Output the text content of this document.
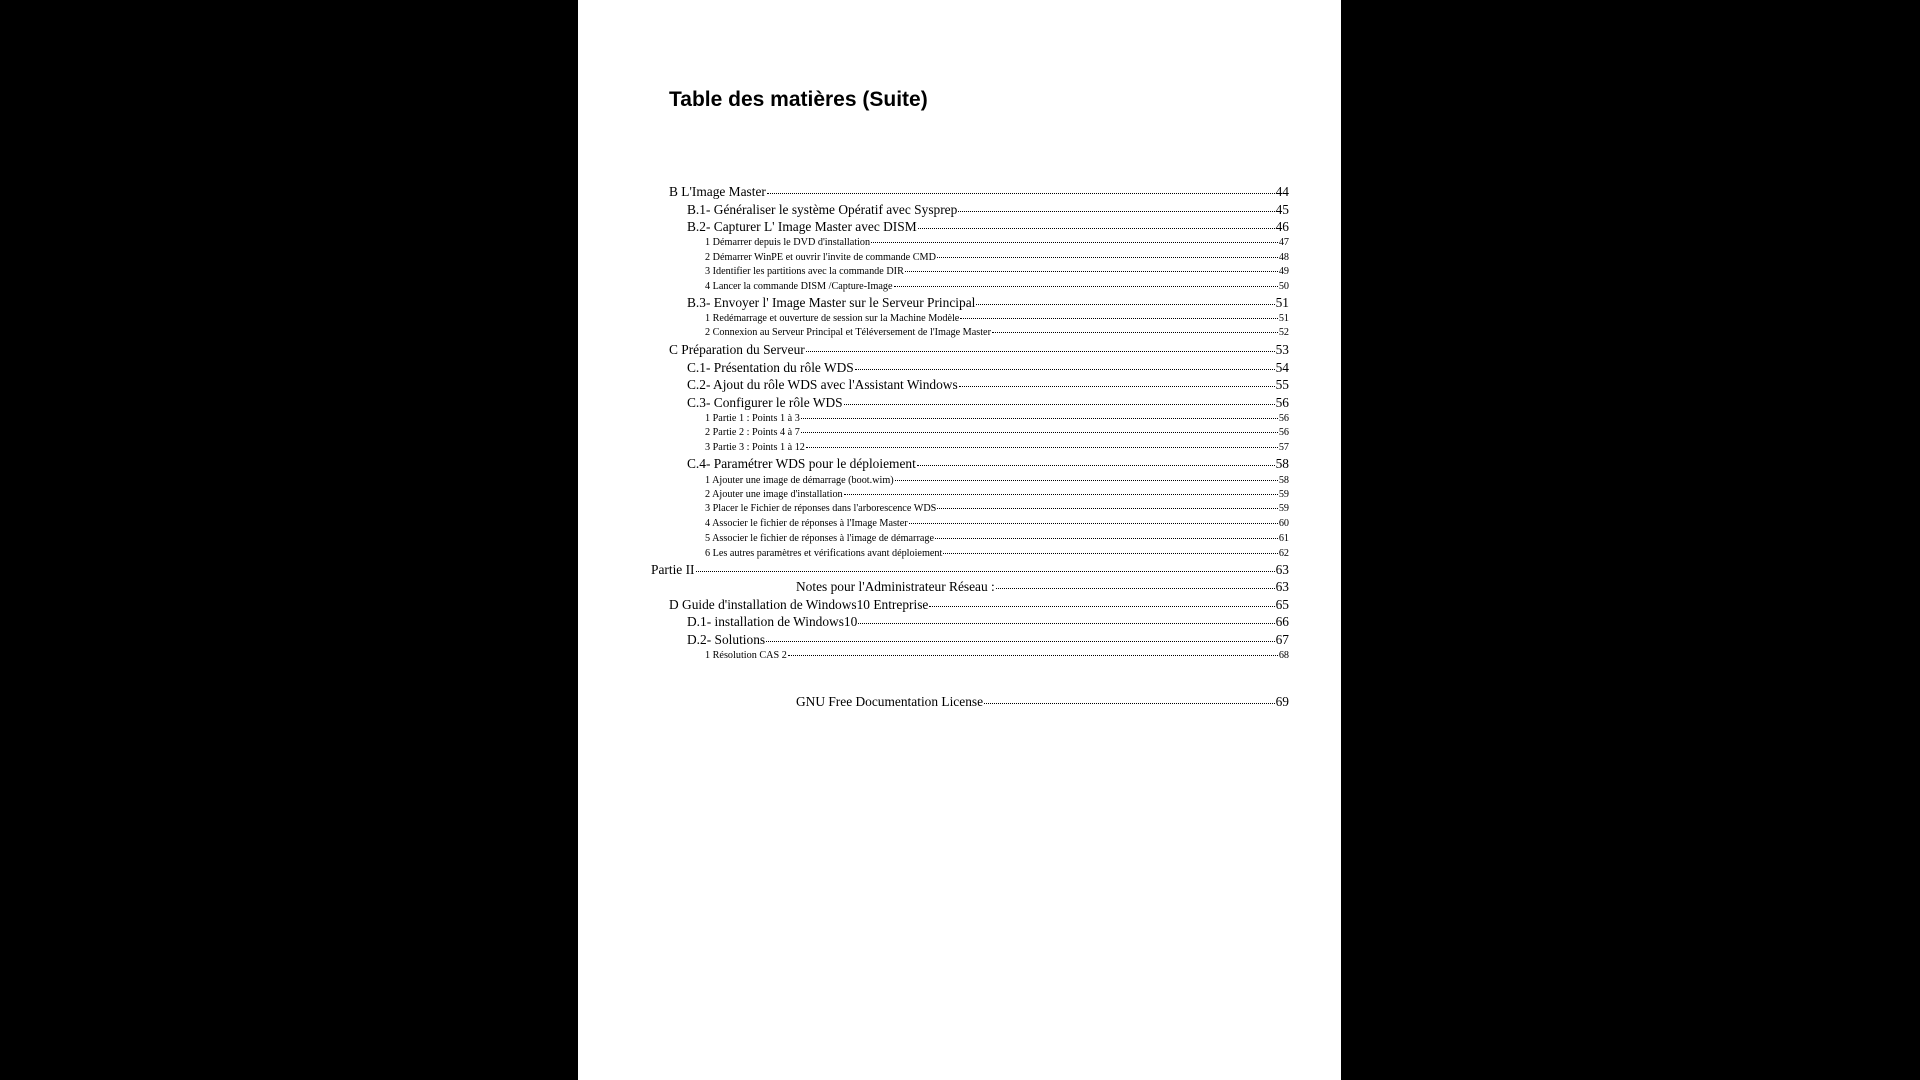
Table des matières (Suite)
B L'Image Master	44
B.1- Généraliser le système Opératif avec Sysprep	45
B.2- Capturer L' Image Master avec DISM	46
1 Démarrer depuis le DVD d'installation	47
2 Démarrer WinPE et ouvrir l'invite de commande CMD	48
3 Identifier les partitions avec la commande DIR	49
4 Lancer la commande DISM /Capture-Image	50
B.3- Envoyer l' Image Master sur le Serveur Principal	51
1 Redémarrage et ouverture de session sur la Machine Modèle	51
2 Connexion au Serveur Principal et Téléversement de l'Image Master	52
C Préparation du Serveur	53
C.1- Présentation du rôle WDS	54
C.2- Ajout du rôle WDS avec l'Assistant Windows	55
C.3- Configurer le rôle WDS	56
1 Partie 1 : Points 1 à 3	56
2 Partie 2 : Points 4 à 7	56
3 Partie 3 : Points 1 à 12	57
C.4- Paramétrer WDS pour le déploiement	58
1 Ajouter une image de démarrage (boot.wim)	58
2 Ajouter une image d'installation	59
3 Placer le Fichier de réponses dans l'arborescence WDS	59
4 Associer le fichier de réponses à l'Image Master	60
5 Associer le fichier de réponses à l'image de démarrage	61
6 Les autres paramètres et vérifications avant déploiement	62
Partie II	63
Notes pour l'Administrateur Réseau :	63
D Guide d'installation de Windows10 Entreprise	65
D.1- installation de Windows10	66
D.2- Solutions	67
1 Résolution CAS 2	68
GNU Free Documentation License	69
